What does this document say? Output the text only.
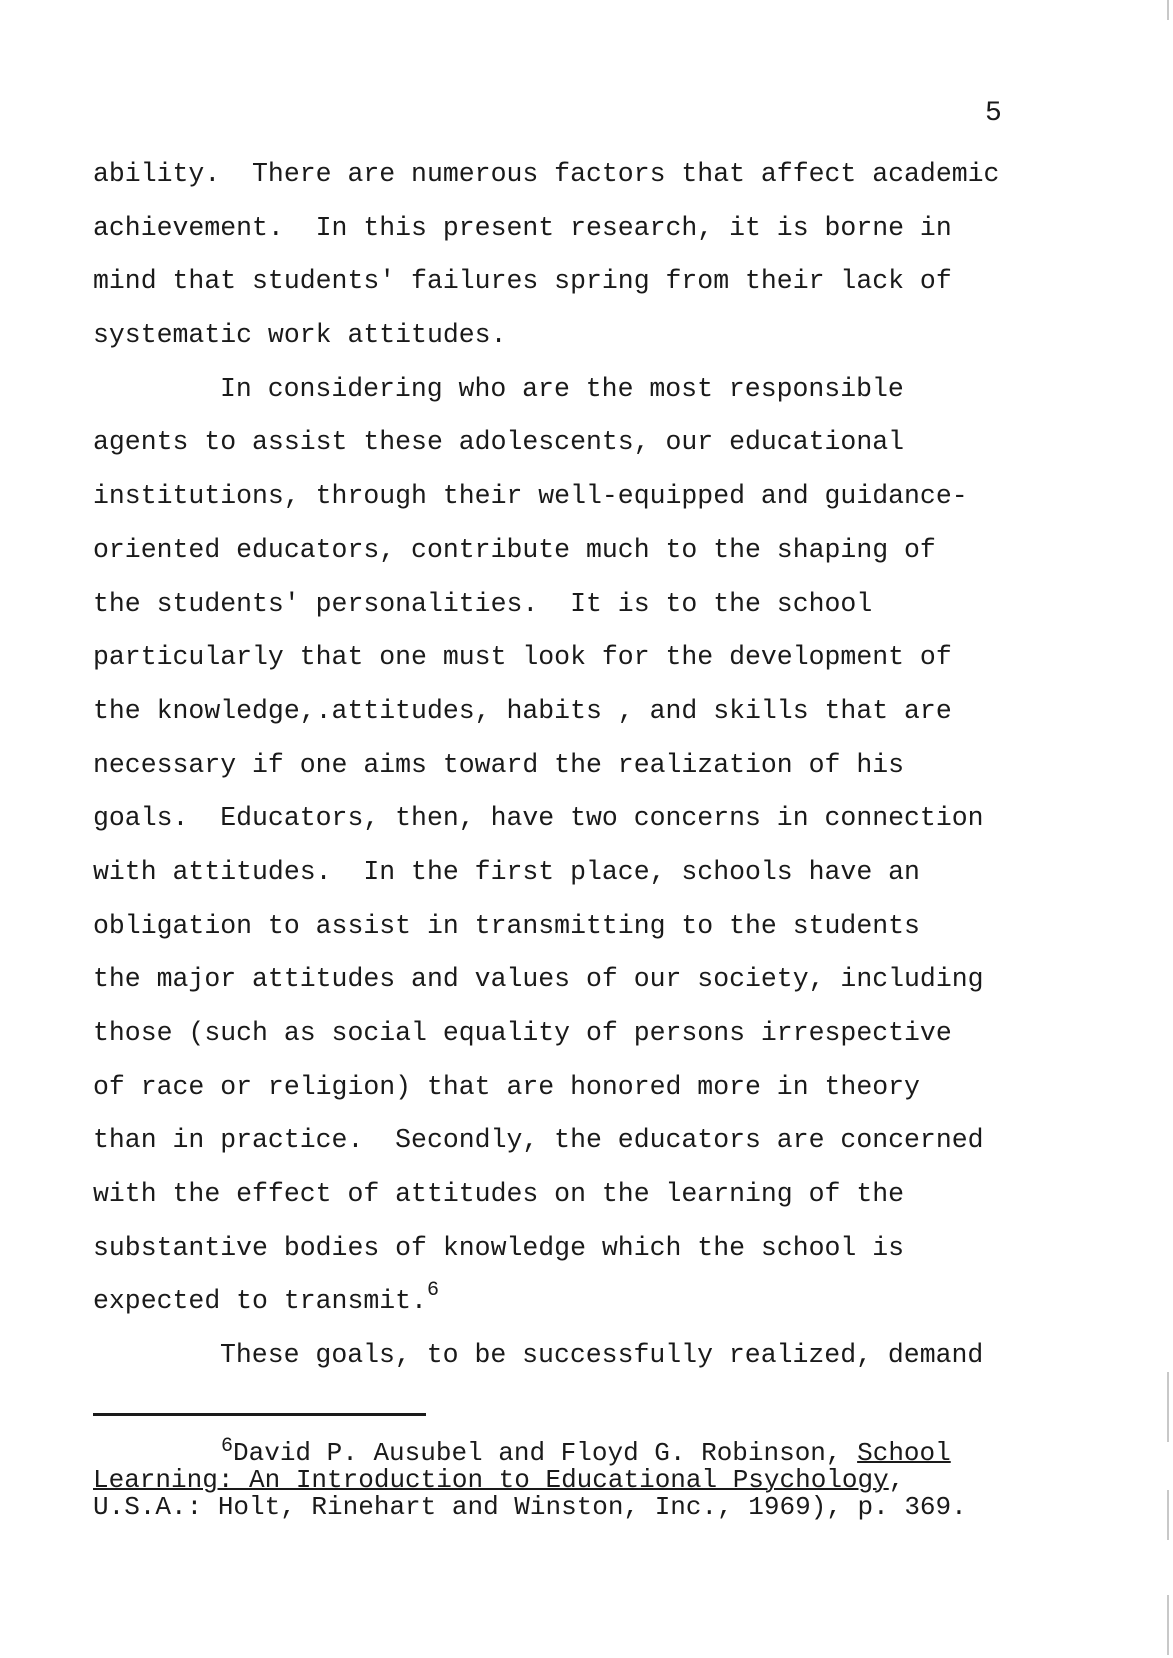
5
ability.  There are numerous factors that affect academic
achievement.  In this present research, it is borne in
mind that students' failures spring from their lack of
systematic work attitudes.
In considering who are the most responsible
agents to assist these adolescents, our educational
institutions, through their well-equipped and guidance-
oriented educators, contribute much to the shaping of
the students' personalities.  It is to the school
particularly that one must look for the development of
the knowledge,.attitudes, habits , and skills that are
necessary if one aims toward the realization of his
goals.  Educators, then, have two concerns in connection
with attitudes.  In the first place, schools have an
obligation to assist in transmitting to the students
the major attitudes and values of our society, including
those (such as social equality of persons irrespective
of race or religion) that are honored more in theory
than in practice.  Secondly, the educators are concerned
with the effect of attitudes on the learning of the
substantive bodies of knowledge which the school is
expected to transmit.$^6$
These goals, to be successfully realized, demand
$^6$David P. Ausubel and Floyd G. Robinson, School
Learning: An Introduction to Educational Psychology,
U.S.A.: Holt, Rinehart and Winston, Inc., 1969), p. 369.
